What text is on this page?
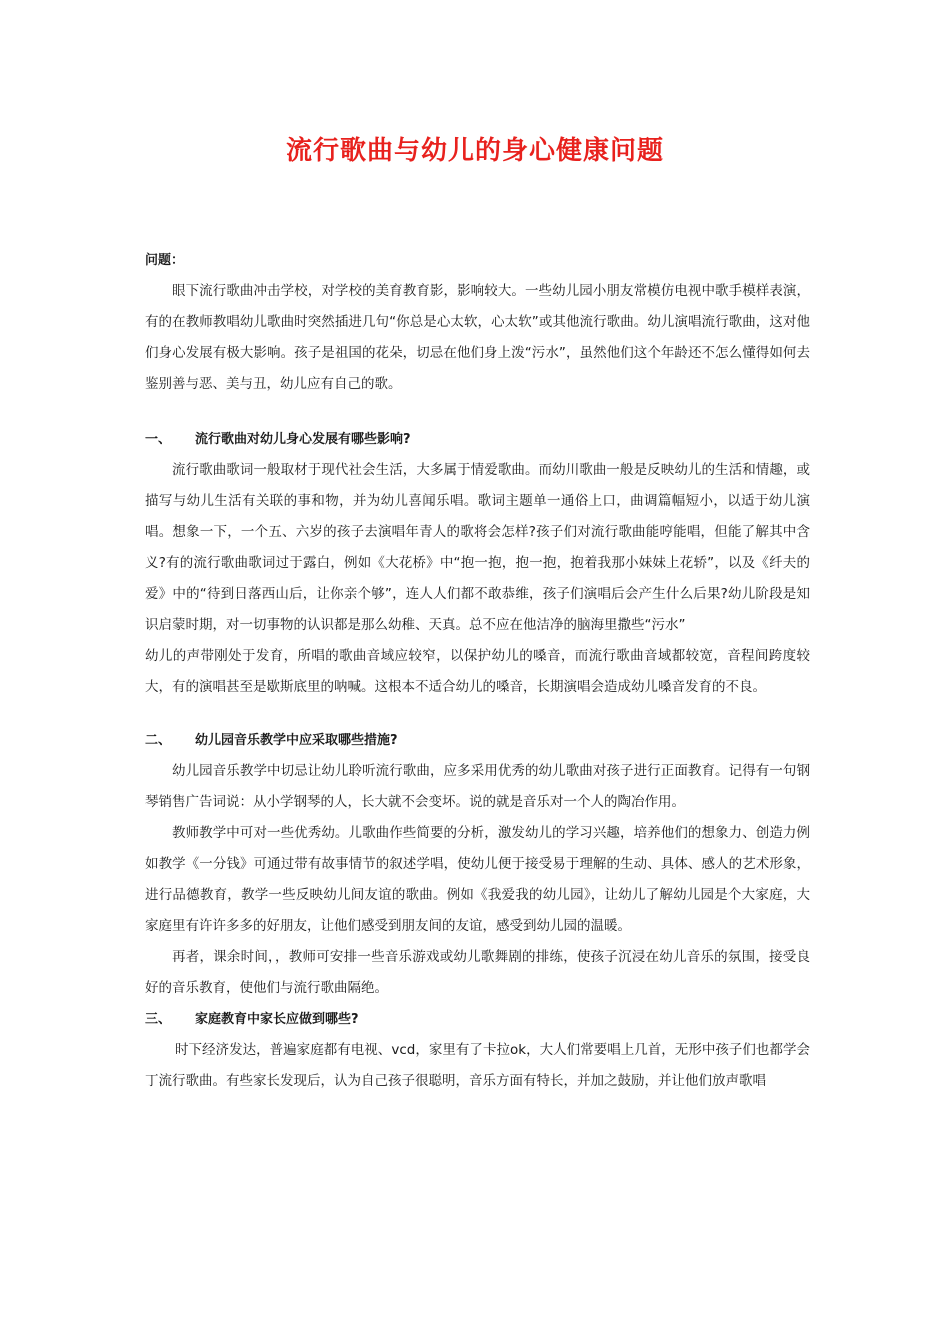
流行歌曲与幼儿的身心健康问题

问题：

眼下流行歌曲冲击学校，对学校的美育教育影，影响较大。一些幼儿园小朋友常模仿电视中歌手模样表演，有的在教师教唱幼儿歌曲时突然插进几句“你总是心太软，心太软”或其他流行歌曲。幼儿演唱流行歌曲，这对他们身心发展有极大影响。孩子是祖国的花朵，切忌在他们身上泼“污水”，虽然他们这个年龄还不怎么懂得如何去鉴别善与恶、美与丑，幼儿应有自己的歌。

一、 流行歌曲对幼儿身心发展有哪些影响?

流行歌曲歌词一般取材于现代社会生活，大多属于情爱歌曲。而幼川歌曲一般是反映幼儿的生活和情趣，或描写与幼儿生活有关联的事和物，并为幼儿喜闻乐唱。歌词主题单一通俗上口，曲调篇幅短小，以适于幼儿演唱。想象一下，一个五、六岁的孩子去演唱年青人的歌将会怎样?孩子们对流行歌曲能哼能唱，但能了解其中含义?有的流行歌曲歌词过于露白，例如《大花桥》中“抱一抱，抱一抱，抱着我那小妹妹上花轿”，以及《纤夫的爱》中的“待到日落西山后，让你亲个够”，连人人们都不敢恭维，孩子们演唱后会产生什么后果?幼儿阶段是知识启蒙时期，对一切事物的认识都是那么幼稚、天真。总不应在他洁净的脑海里撒些“污水”

幼儿的声带刚处于发育，所唱的歌曲音域应较窄，以保护幼儿的嗓音，而流行歌曲音域都较宽，音程间跨度较大，有的演唱甚至是歇斯底里的呐喊。这根本不适合幼儿的嗓音，长期演唱会造成幼儿嗓音发育的不良。

二、 幼儿园音乐教学中应采取哪些措施?

幼儿园音乐教学中切忌让幼儿聆听流行歌曲，应多采用优秀的幼儿歌曲对孩子进行正面教育。记得有一句钢琴销售广告词说：从小学钢琴的人，长大就不会变坏。说的就是音乐对一个人的陶冶作用。

教师教学中可对一些优秀幼。儿歌曲作些简要的分析，激发幼儿的学习兴趣，培养他们的想象力、创造力例如教学《一分钱》可通过带有故事情节的叙述学唱，使幼儿便于接受易于理解的生动、具体、感人的艺术形象，进行品德教育，教学一些反映幼儿间友谊的歌曲。例如《我爱我的幼儿园》，让幼儿了解幼儿园是个大家庭，大家庭里有许许多多的好朋友，让他们感受到朋友间的友谊，感受到幼儿园的温暖。

再者，课余时间，，教师可安排一些音乐游戏或幼儿歌舞剧的排练，使孩子沉浸在幼儿音乐的氛围，接受良好的音乐教育，使他们与流行歌曲隔绝。

三、 家庭教育中家长应做到哪些?

时下经济发达，普遍家庭都有电视、vcd，家里有了卡拉ok，大人们常要唱上几首，无形中孩子们也都学会丁流行歌曲。有些家长发现后，认为自己孩子很聪明，音乐方面有特长，并加之鼓励，并让他们放声歌唱
